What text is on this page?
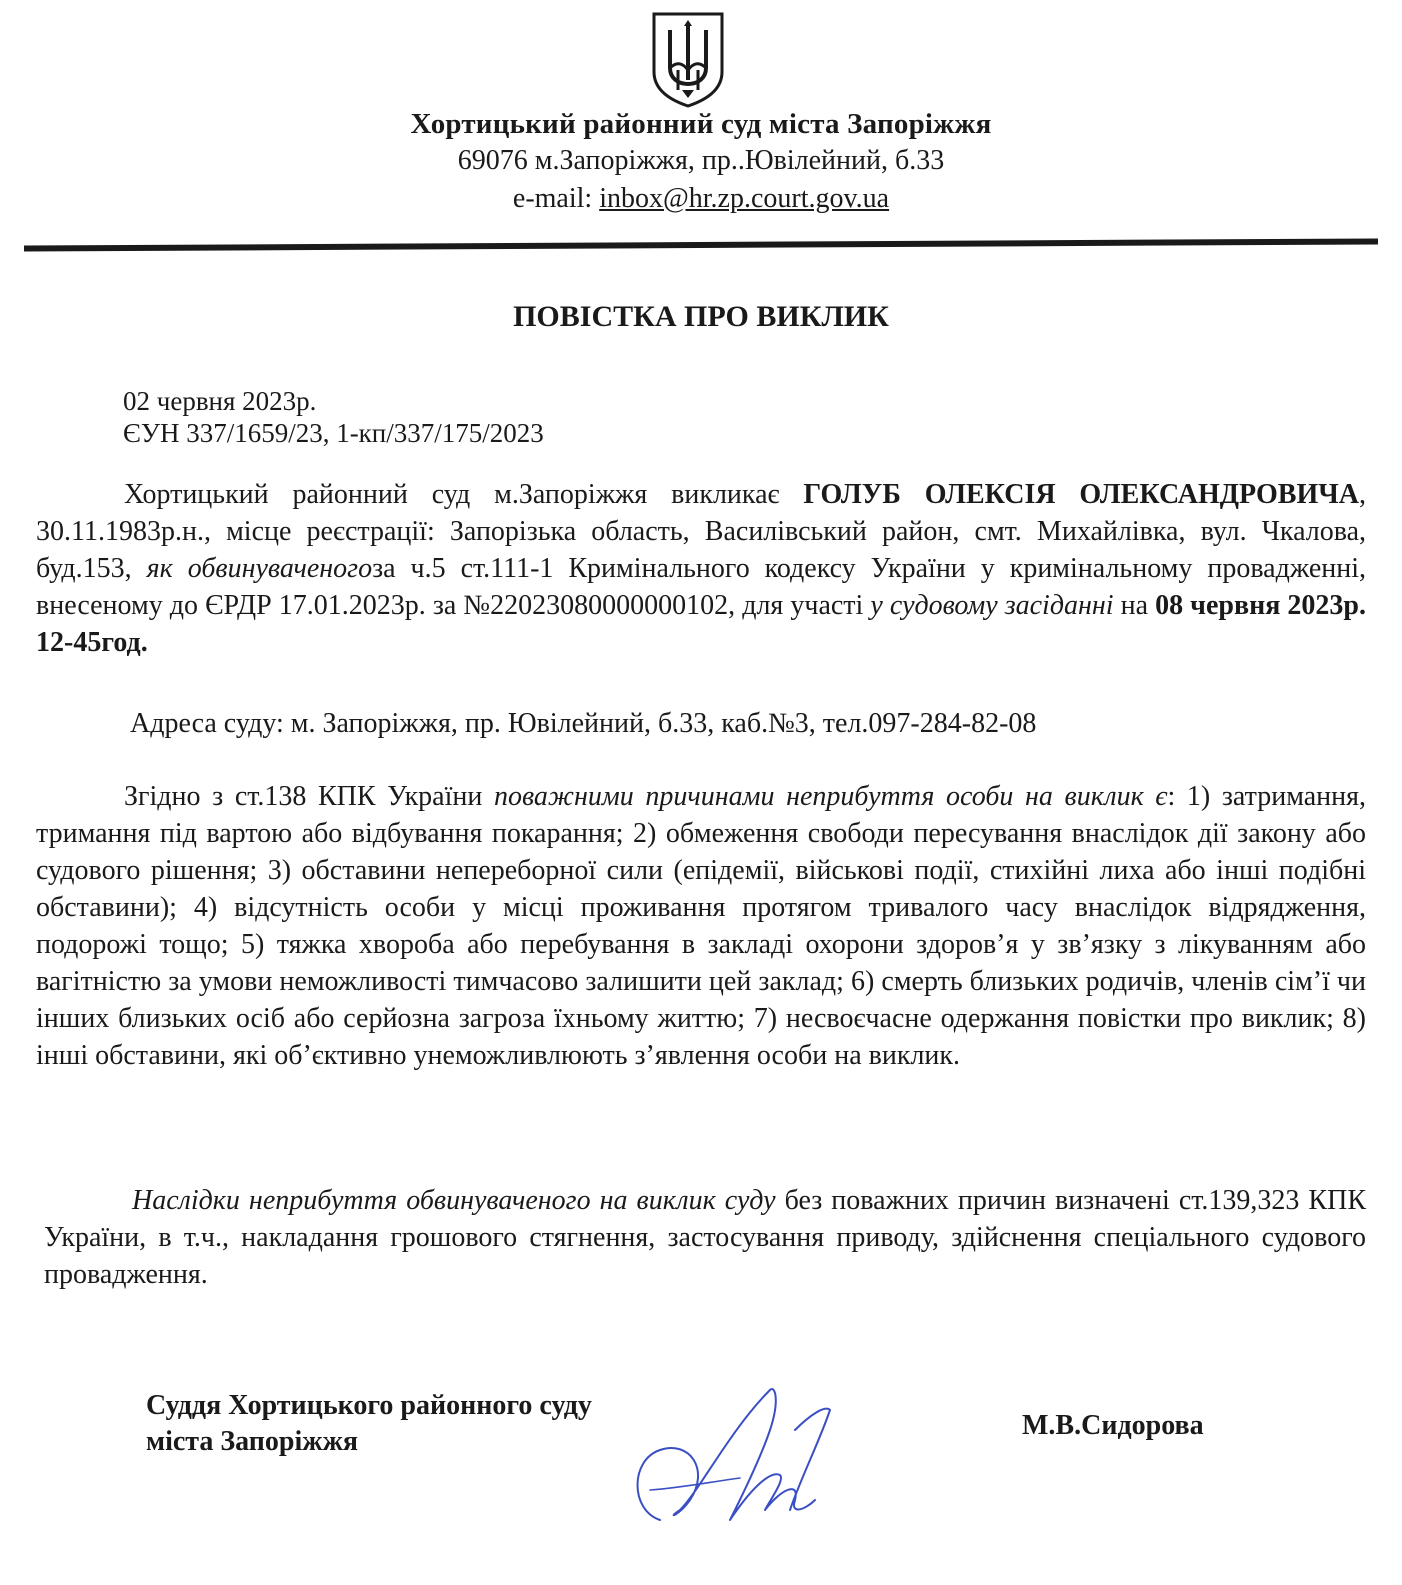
Хортицький районний суд міста Запоріжжя
69076 м.Запоріжжя, пр..Ювілейний, б.33
e-mail: inbox@hr.zp.court.gov.ua
ПОВІСТКА ПРО ВИКЛИК
02 червня 2023р.
ЄУН 337/1659/23, 1-кп/337/175/2023
Хортицький районний суд м.Запоріжжя викликає ГОЛУБ ОЛЕКСІЯ ОЛЕКСАНДРОВИЧА, 30.11.1983р.н., місце реєстрації: Запорізька область, Василівський район, смт. Михайлівка, вул. Чкалова, буд.153, як обвинуваченогоза ч.5 ст.111-1 Кримінального кодексу України у кримінальному провадженні, внесеному до ЄРДР 17.01.2023р. за №22023080000000102, для участі у судовому засіданні на 08 червня 2023р. 12-45год.
Адреса суду: м. Запоріжжя, пр. Ювілейний, б.33, каб.№3, тел.097-284-82-08
Згідно з ст.138 КПК України поважними причинами неприбуття особи на виклик є: 1) затримання, тримання під вартою або відбування покарання; 2) обмеження свободи пересування внаслідок дії закону або судового рішення; 3) обставини непереборної сили (епідемії, військові події, стихійні лиха або інші подібні обставини); 4) відсутність особи у місці проживання протягом тривалого часу внаслідок відрядження, подорожі тощо; 5) тяжка хвороба або перебування в закладі охорони здоров’я у зв’язку з лікуванням або вагітністю за умови неможливості тимчасово залишити цей заклад; 6) смерть близьких родичів, членів сім’ї чи інших близьких осіб або серйозна загроза їхньому життю; 7) несвоєчасне одержання повістки про виклик; 8) інші обставини, які об’єктивно унеможливлюють з’явлення особи на виклик.
Наслідки неприбуття обвинуваченого на виклик суду без поважних причин визначені ст.139,323 КПК України, в т.ч., накладання грошового стягнення, застосування приводу, здійснення спеціального судового провадження.
Суддя Хортицького районного суду
міста Запоріжжя
М.В.Сидорова
